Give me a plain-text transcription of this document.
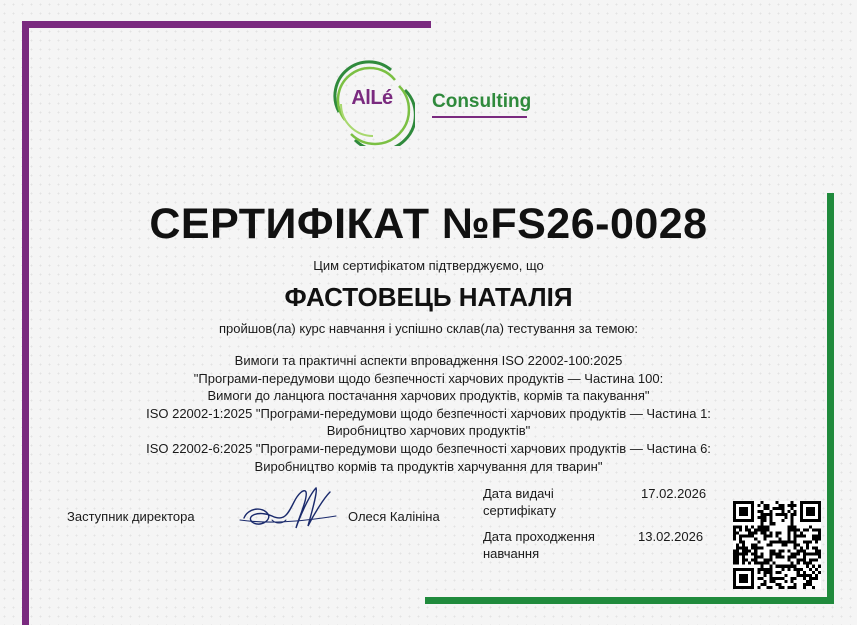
AlLé	Consulting
СЕРТИФІКАТ №FS26-0028
Цим сертифікатом підтверджуємо, що
ФАСТОВЕЦЬ НАТАЛІЯ
пройшов(ла) курс навчання і успішно склав(ла) тестування за темою:
Вимоги та практичні аспекти впровадження ISO 22002-100:2025
"Програми-передумови щодо безпечності харчових продуктів — Частина 100:
Вимоги до ланцюга постачання харчових продуктів, кормів та пакування"
ISO 22002-1:2025 "Програми-передумови щодо безпечності харчових продуктів — Частина 1:
Виробництво харчових продуктів"
ISO 22002-6:2025 "Програми-передумови щодо безпечності харчових продуктів — Частина 6:
Виробництво кормів та продуктів харчування для тварин"
Заступник директора	Олеся Калініна
Дата видачі
сертифікату
17.02.2026
Дата проходження
навчання
13.02.2026
